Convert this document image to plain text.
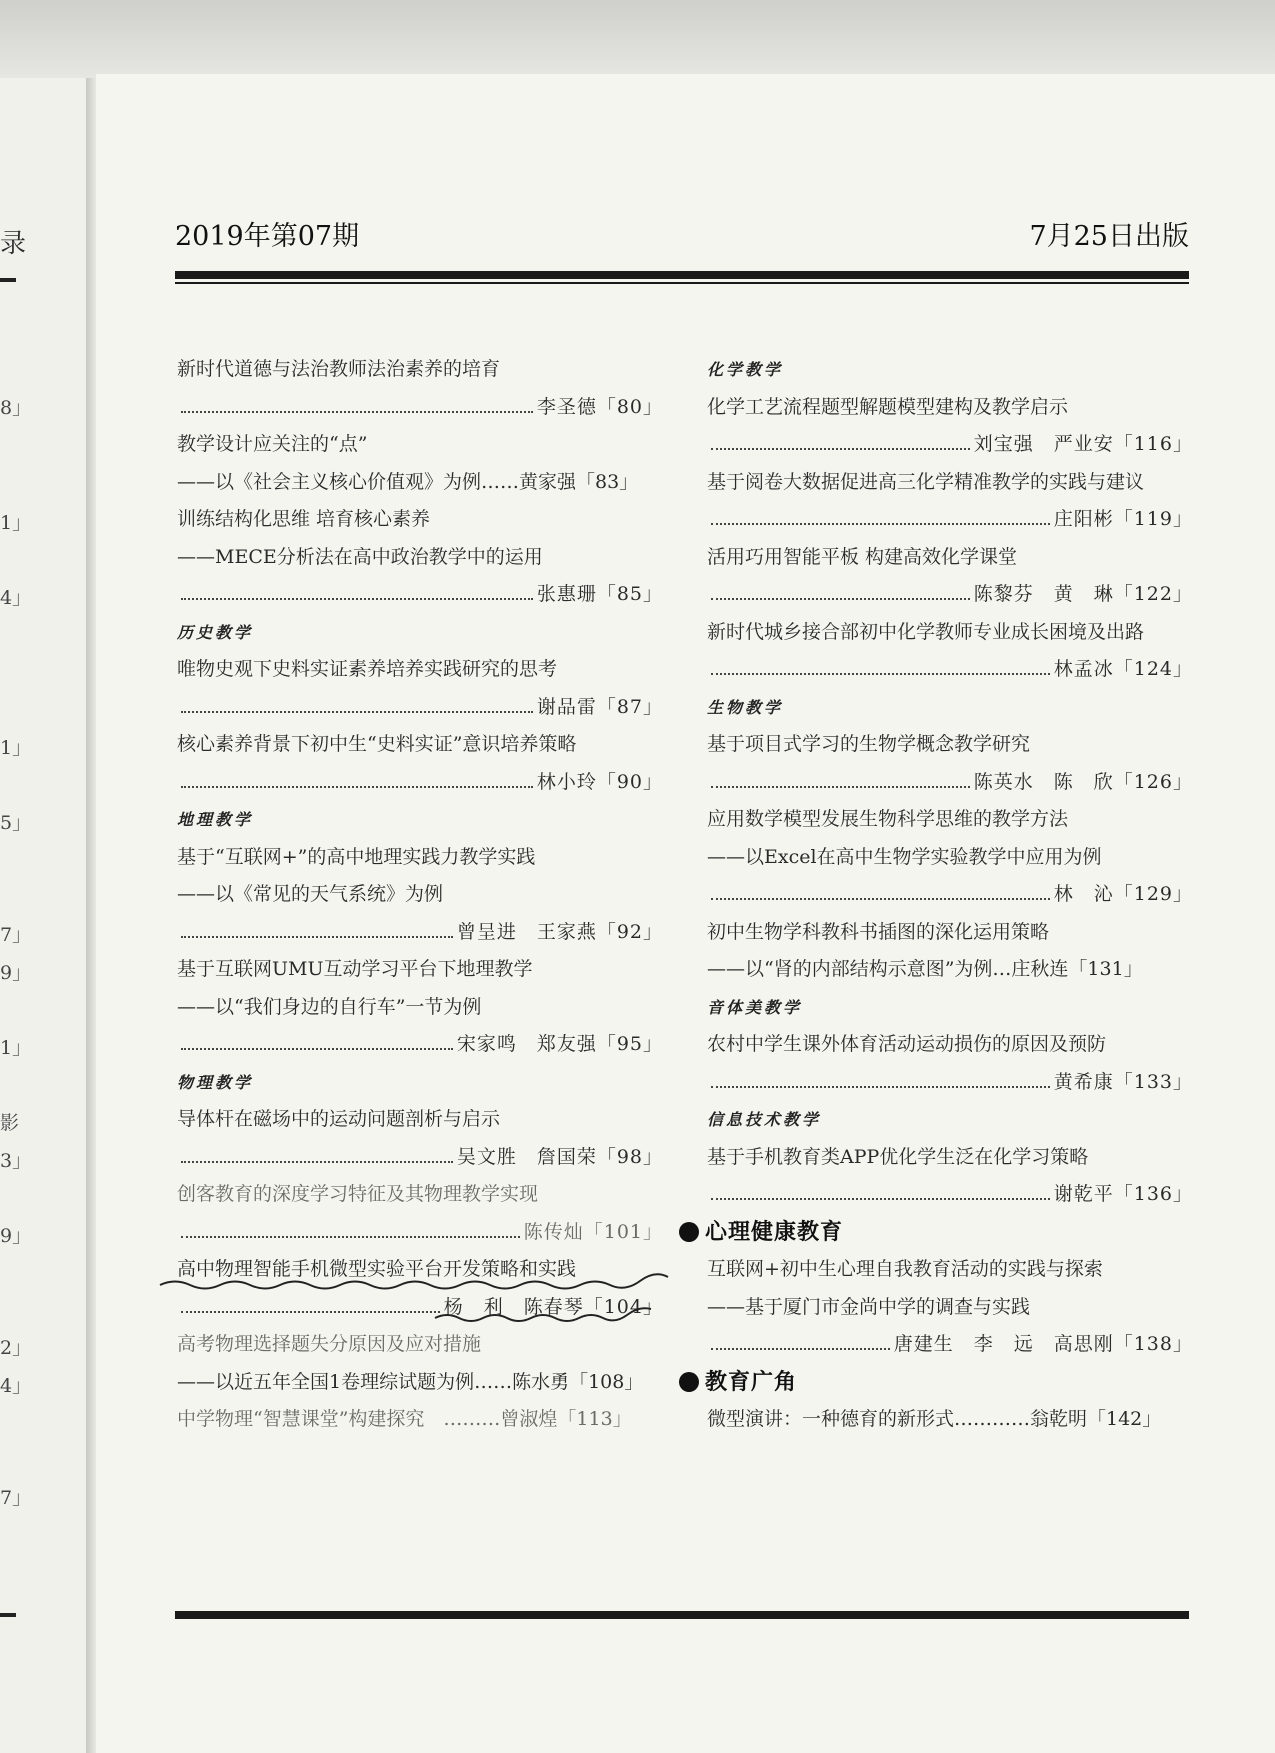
录
8」
1」
4」
1」
5」
7」
9」
1」
影
3」
9」
2」
4」
7」
2019年第07期	7月25日出版
新时代道德与法治教师法治素养的培育
李圣德「80」
教学设计应关注的“点”
——以《社会主义核心价值观》为例……黄家强「83」
训练结构化思维 培育核心素养
——MECE分析法在高中政治教学中的运用
张惠珊「85」
历史教学
唯物史观下史料实证素养培养实践研究的思考
谢品雷「87」
核心素养背景下初中生“史料实证”意识培养策略
林小玲「90」
地理教学
基于“互联网+”的高中地理实践力教学实践
——以《常见的天气系统》为例
曾呈进　王家燕「92」
基于互联网UMU互动学习平台下地理教学
——以“我们身边的自行车”一节为例
宋家鸣　郑友强「95」
物理教学
导体杆在磁场中的运动问题剖析与启示
吴文胜　詹国荣「98」
创客教育的深度学习特征及其物理教学实现
陈传灿「101」
高中物理智能手机微型实验平台开发策略和实践
杨　利　陈春琴「104」
高考物理选择题失分原因及应对措施
——以近五年全国1卷理综试题为例……陈水勇「108」
中学物理“智慧课堂”构建探究　………曾淑煌「113」
化学教学
化学工艺流程题型解题模型建构及教学启示
刘宝强　严业安「116」
基于阅卷大数据促进高三化学精准教学的实践与建议
庄阳彬「119」
活用巧用智能平板 构建高效化学课堂
陈黎芬　黄　琳「122」
新时代城乡接合部初中化学教师专业成长困境及出路
林孟冰「124」
生物教学
基于项目式学习的生物学概念教学研究
陈英水　陈　欣「126」
应用数学模型发展生物科学思维的教学方法
——以Excel在高中生物学实验教学中应用为例
林　沁「129」
初中生物学科教科书插图的深化运用策略
——以“肾的内部结构示意图”为例…庄秋连「131」
音体美教学
农村中学生课外体育活动运动损伤的原因及预防
黄希康「133」
信息技术教学
基于手机教育类APP优化学生泛在化学习策略
谢乾平「136」
心理健康教育
互联网+初中生心理自我教育活动的实践与探索
——基于厦门市金尚中学的调查与实践
唐建生　李　远　高思刚「138」
教育广角
微型演讲：一种德育的新形式…………翁乾明「142」
